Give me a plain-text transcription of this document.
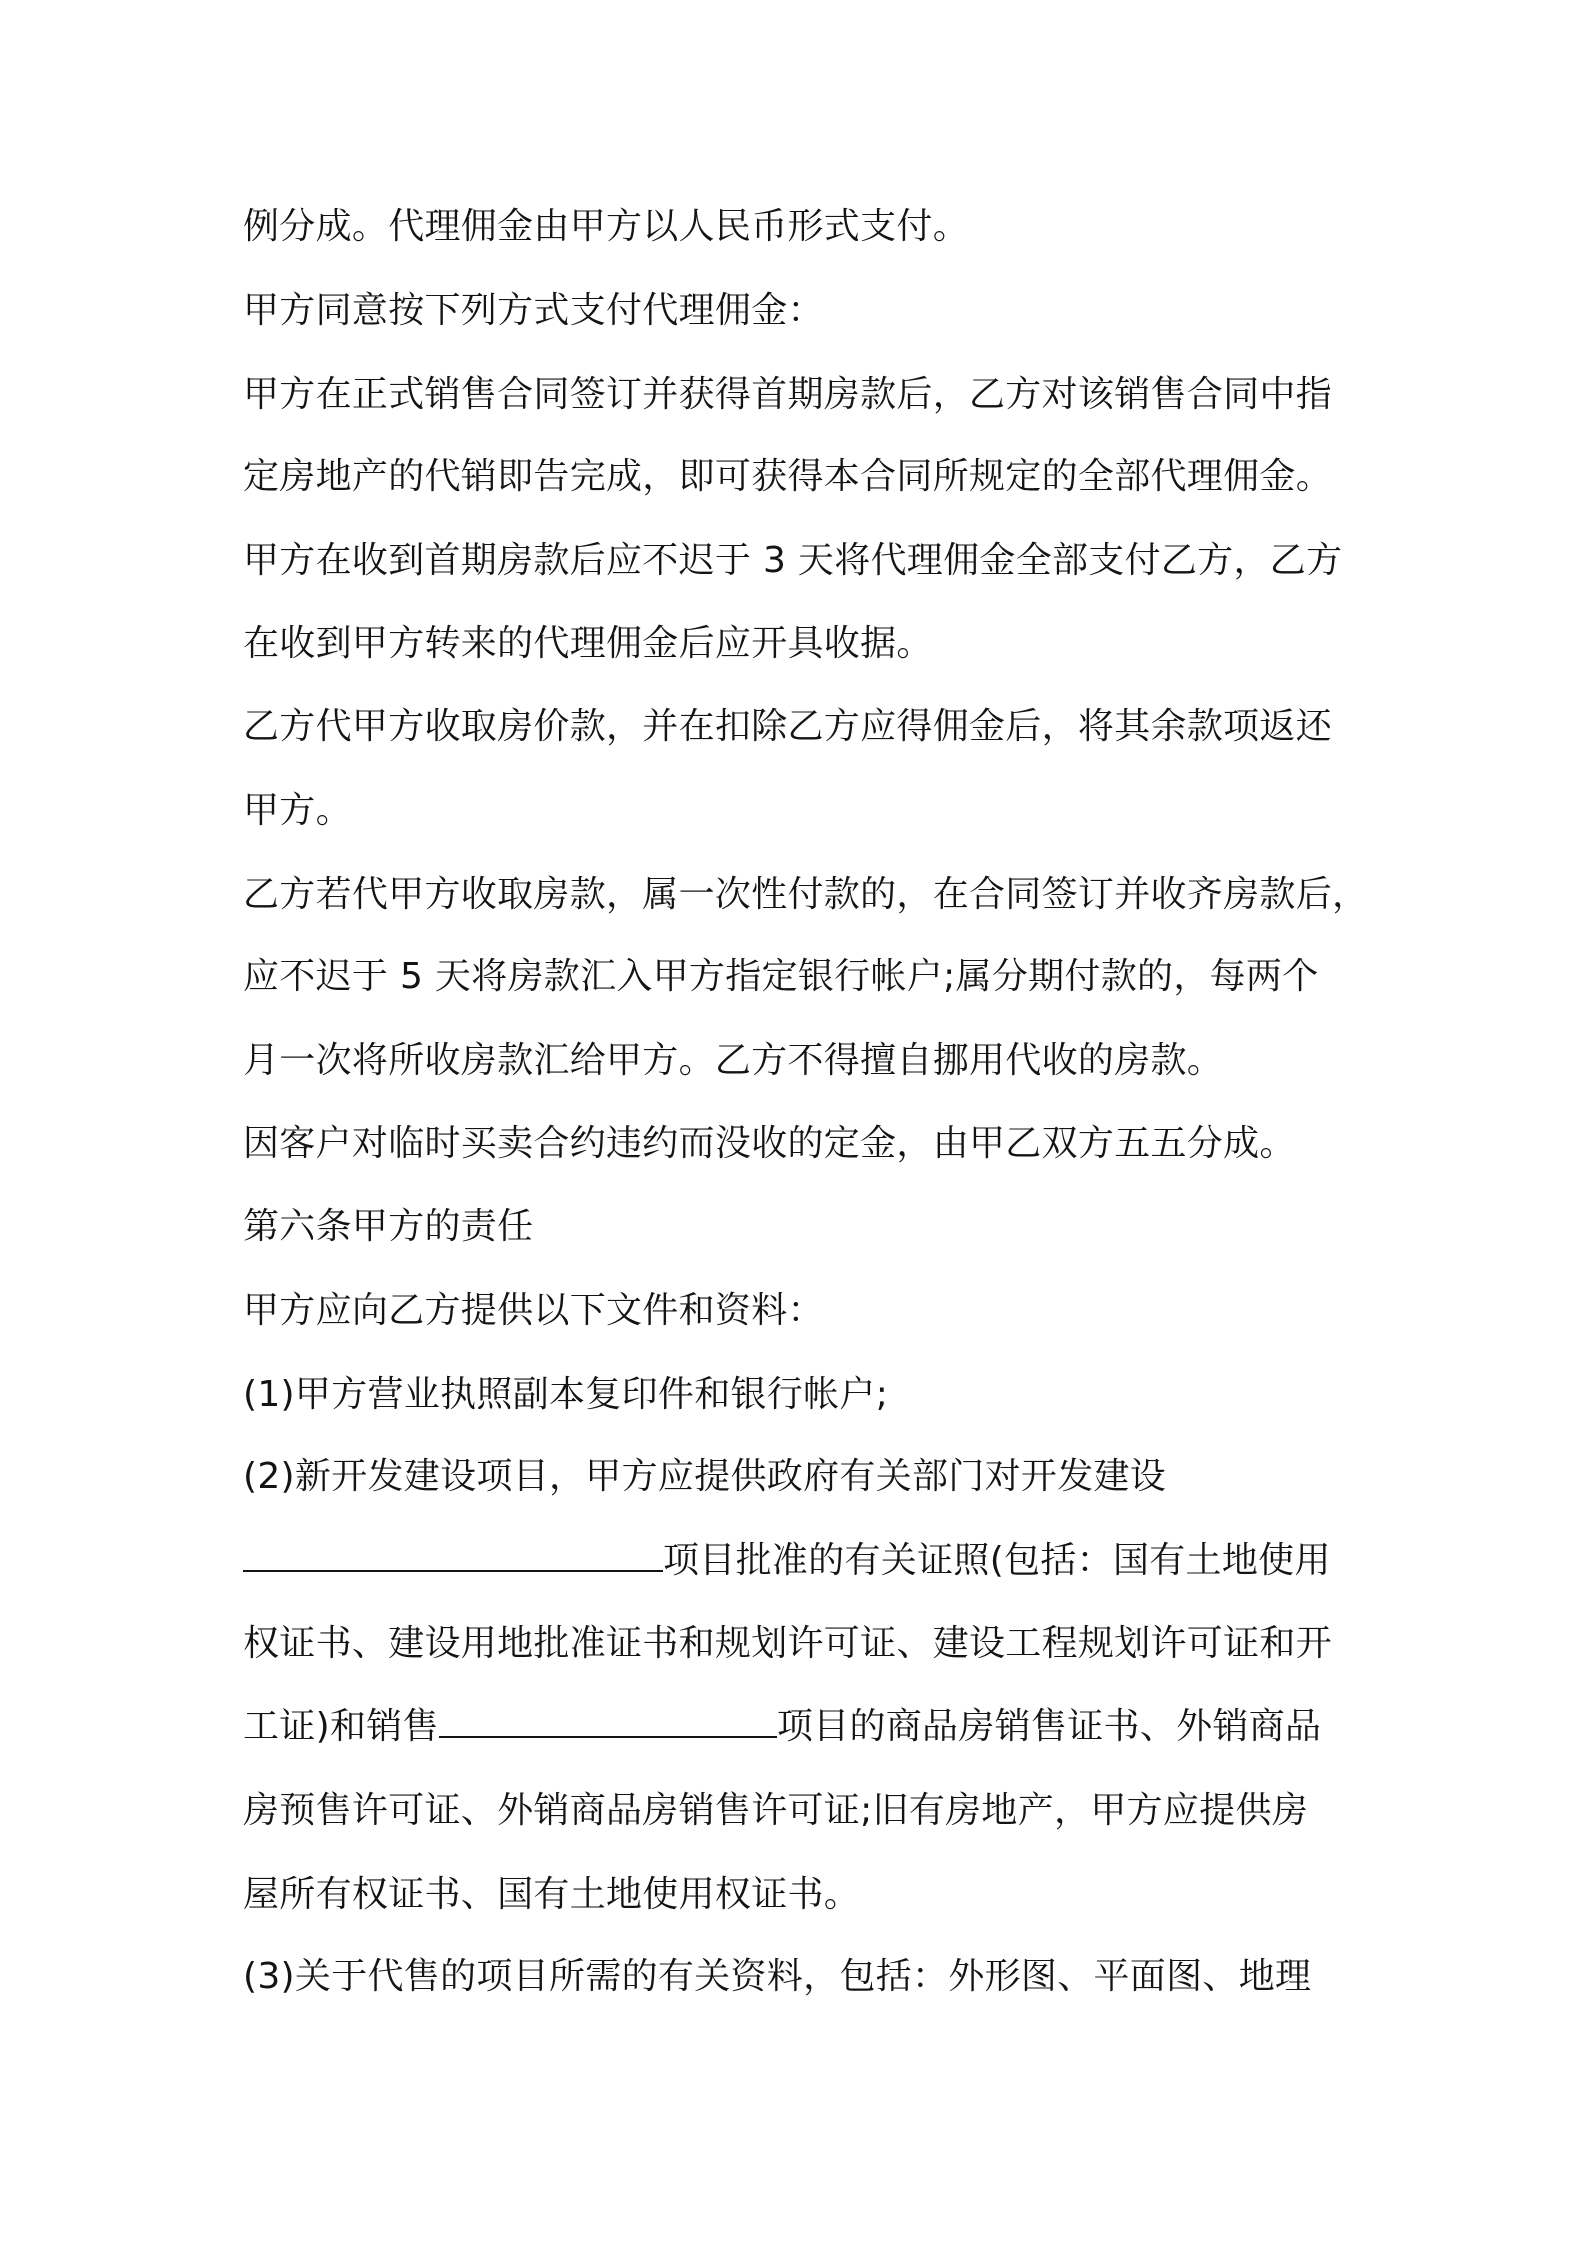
例分成。代理佣金由甲方以人民币形式支付。
甲方同意按下列方式支付代理佣金：
甲方在正式销售合同签订并获得首期房款后，乙方对该销售合同中指
定房地产的代销即告完成，即可获得本合同所规定的全部代理佣金。
甲方在收到首期房款后应不迟于 3 天将代理佣金全部支付乙方，乙方
在收到甲方转来的代理佣金后应开具收据。
乙方代甲方收取房价款，并在扣除乙方应得佣金后，将其余款项返还
甲方。
乙方若代甲方收取房款，属一次性付款的，在合同签订并收齐房款后，
应不迟于 5 天将房款汇入甲方指定银行帐户;属分期付款的，每两个
月一次将所收房款汇给甲方。乙方不得擅自挪用代收的房款。
因客户对临时买卖合约违约而没收的定金，由甲乙双方五五分成。
第六条甲方的责任
甲方应向乙方提供以下文件和资料：
(1)甲方营业执照副本复印件和银行帐户;
(2)新开发建设项目，甲方应提供政府有关部门对开发建设
项目批准的有关证照(包括：国有土地使用
权证书、建设用地批准证书和规划许可证、建设工程规划许可证和开
工证)和销售	项目的商品房销售证书、外销商品
房预售许可证、外销商品房销售许可证;旧有房地产，甲方应提供房
屋所有权证书、国有土地使用权证书。
(3)关于代售的项目所需的有关资料，包括：外形图、平面图、地理
